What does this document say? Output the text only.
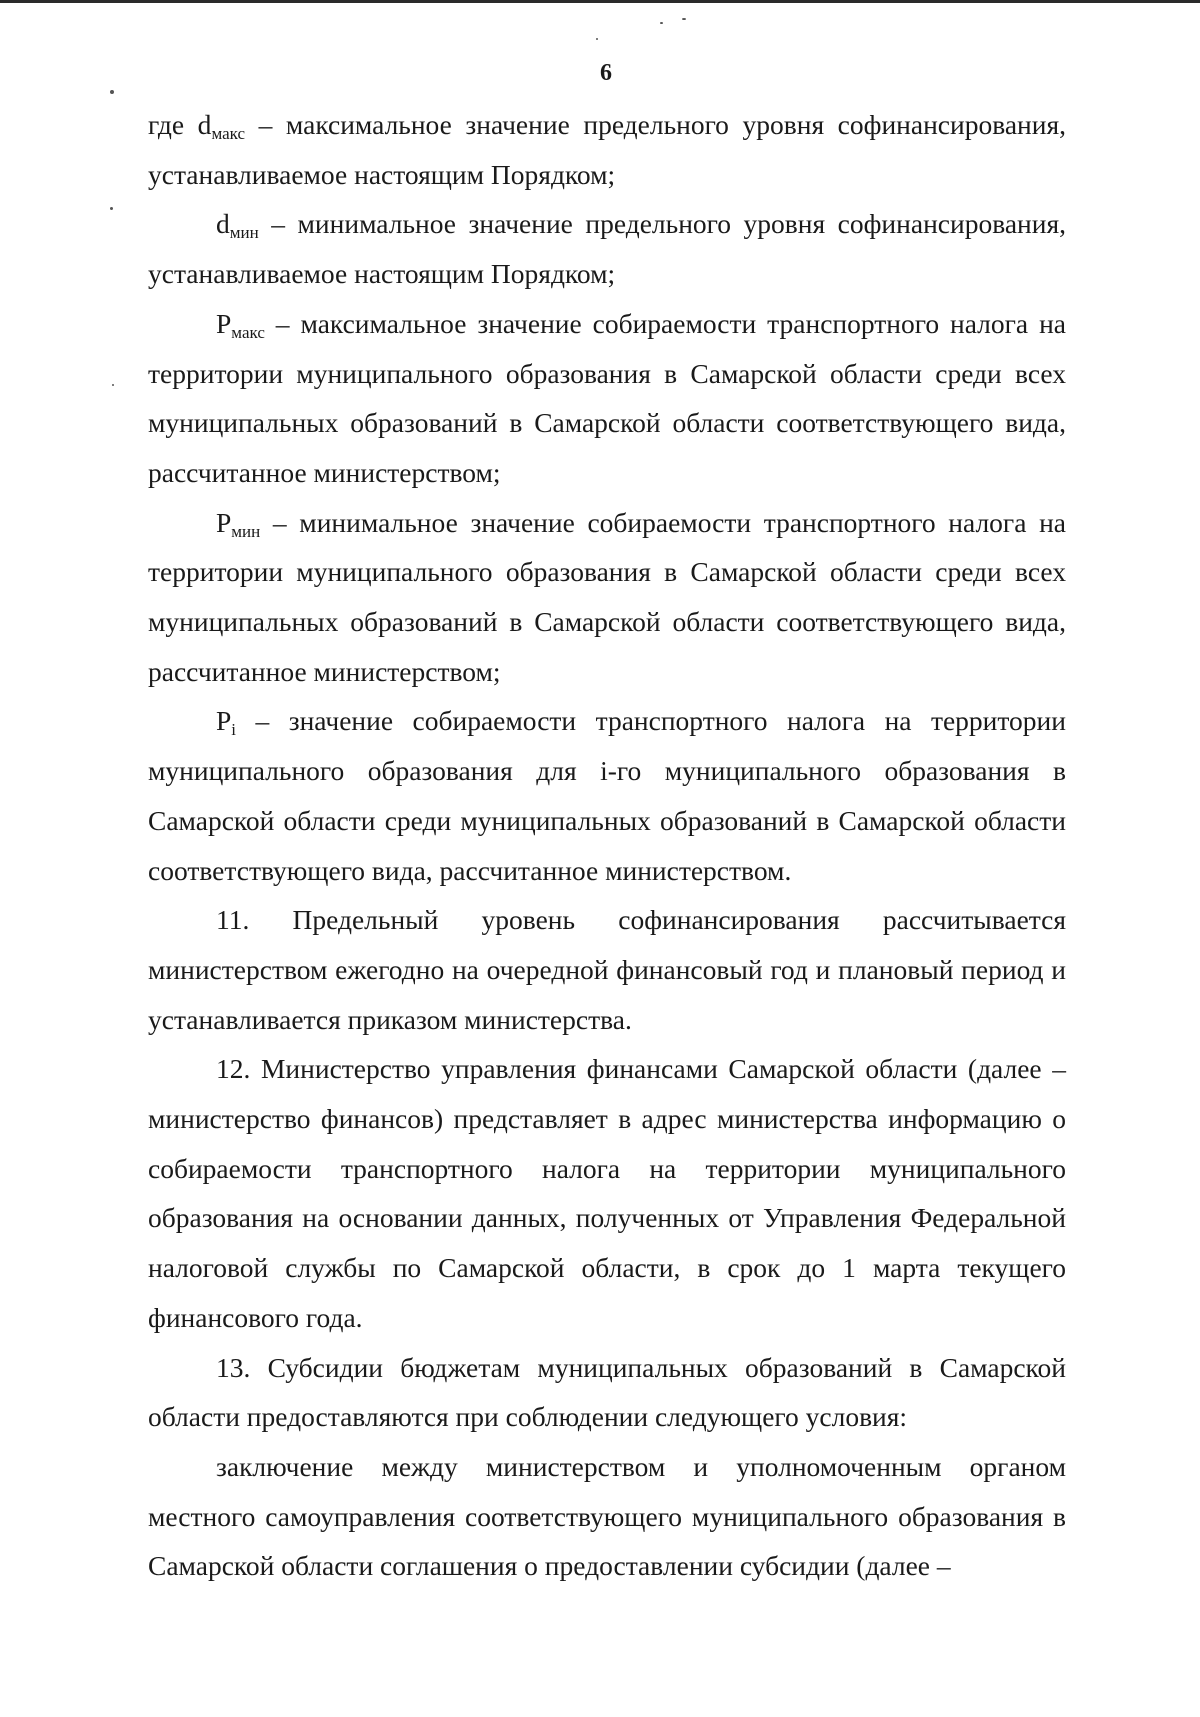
6

где $d_{макс}$ – максимальное значение предельного уровня софинансирования, устанавливаемое настоящим Порядком;

$d_{мин}$ – минимальное значение предельного уровня софинансирования, устанавливаемое настоящим Порядком;

$P_{макс}$ – максимальное значение собираемости транспортного налога на территории муниципального образования в Самарской области среди всех муниципальных образований в Самарской области соответствующего вида, рассчитанное министерством;

$P_{мин}$ – минимальное значение собираемости транспортного налога на территории муниципального образования в Самарской области среди всех муниципальных образований в Самарской области соответствующего вида, рассчитанное министерством;

$P_i$ – значение собираемости транспортного налога на территории муниципального образования для i-го муниципального образования в Самарской области среди муниципальных образований в Самарской области соответствующего вида, рассчитанное министерством.

11. Предельный уровень софинансирования рассчитывается министерством ежегодно на очередной финансовый год и плановый период и устанавливается приказом министерства.

12. Министерство управления финансами Самарской области (далее – министерство финансов) представляет в адрес министерства информацию о собираемости транспортного налога на территории муниципального образования на основании данных, полученных от Управления Федеральной налоговой службы по Самарской области, в срок до 1 марта текущего финансового года.

13. Субсидии бюджетам муниципальных образований в Самарской области предоставляются при соблюдении следующего условия:

заключение между министерством и уполномоченным органом местного самоуправления соответствующего муниципального образования в Самарской области соглашения о предоставлении субсидии (далее –
